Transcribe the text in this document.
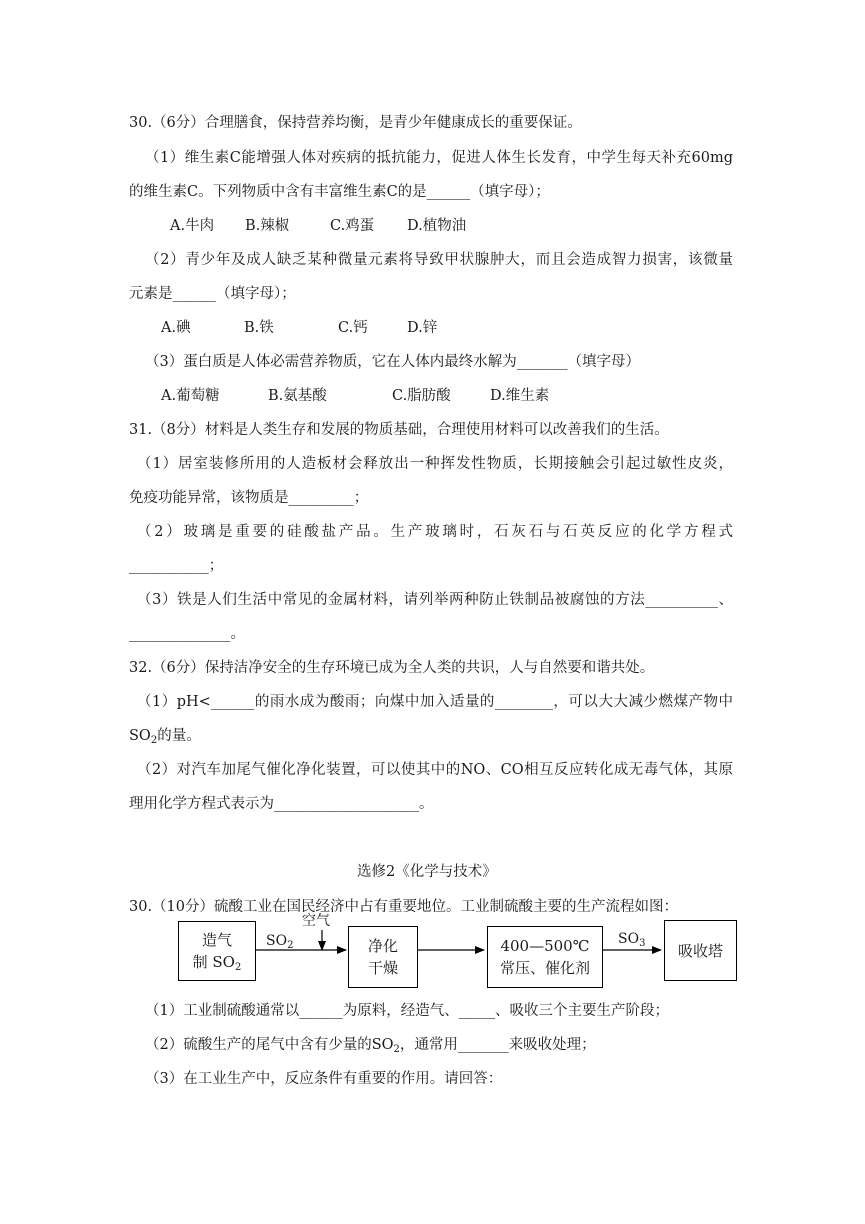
30.（6分）合理膳食，保持营养均衡，是青少年健康成长的重要保证。
（1）维生素C能增强人体对疾病的抵抗能力，促进人体生长发育，中学生每天补充60mg
的维生素C。下列物质中含有丰富维生素C的是______（填字母）；
A.牛肉 B.辣椒	C.鸡蛋 D.植物油
（2）青少年及成人缺乏某种微量元素将导致甲状腺肿大，而且会造成智力损害，该微量
元素是______（填字母）；
A.碘	B.铁	C.钙	D.锌
（3）蛋白质是人体必需营养物质，它在人体内最终水解为_______（填字母）
A.葡萄糖	B.氨基酸	C.脂肪酸	D.维生素
31.（8分）材料是人类生存和发展的物质基础，合理使用材料可以改善我们的生活。
（1）居室装修所用的人造板材会释放出一种挥发性物质，长期接触会引起过敏性皮炎，
免疫功能异常，该物质是_________；
（2）玻璃是重要的硅酸盐产品。生产玻璃时，石灰石与石英反应的化学方程式
___________；
（3）铁是人们生活中常见的金属材料，请列举两种防止铁制品被腐蚀的方法__________、
______________。
32.（6分）保持洁净安全的生存环境已成为全人类的共识，人与自然要和谐共处。
（1）pH<______的雨水成为酸雨；向煤中加入适量的________，可以大大减少燃煤产物中
$SO_2$的量。
（2）对汽车加尾气催化净化装置，可以使其中的NO、CO相互反应转化成无毒气体，其原
理用化学方程式表示为____________________。
选修2《化学与技术》
30.（10分）硫酸工业在国民经济中占有重要地位。工业制硫酸主要的生产流程如图：
造气
制 $SO_2$
$SO_2$
空气
净化
干燥
400—500℃
常压、催化剂
$SO_3$ 吸收塔
（1）工业制硫酸通常以______为原料，经造气、_____、吸收三个主要生产阶段；
（2）硫酸生产的尾气中含有少量的$SO_2$，通常用_______来吸收处理；
（3）在工业生产中，反应条件有重要的作用。请回答：
